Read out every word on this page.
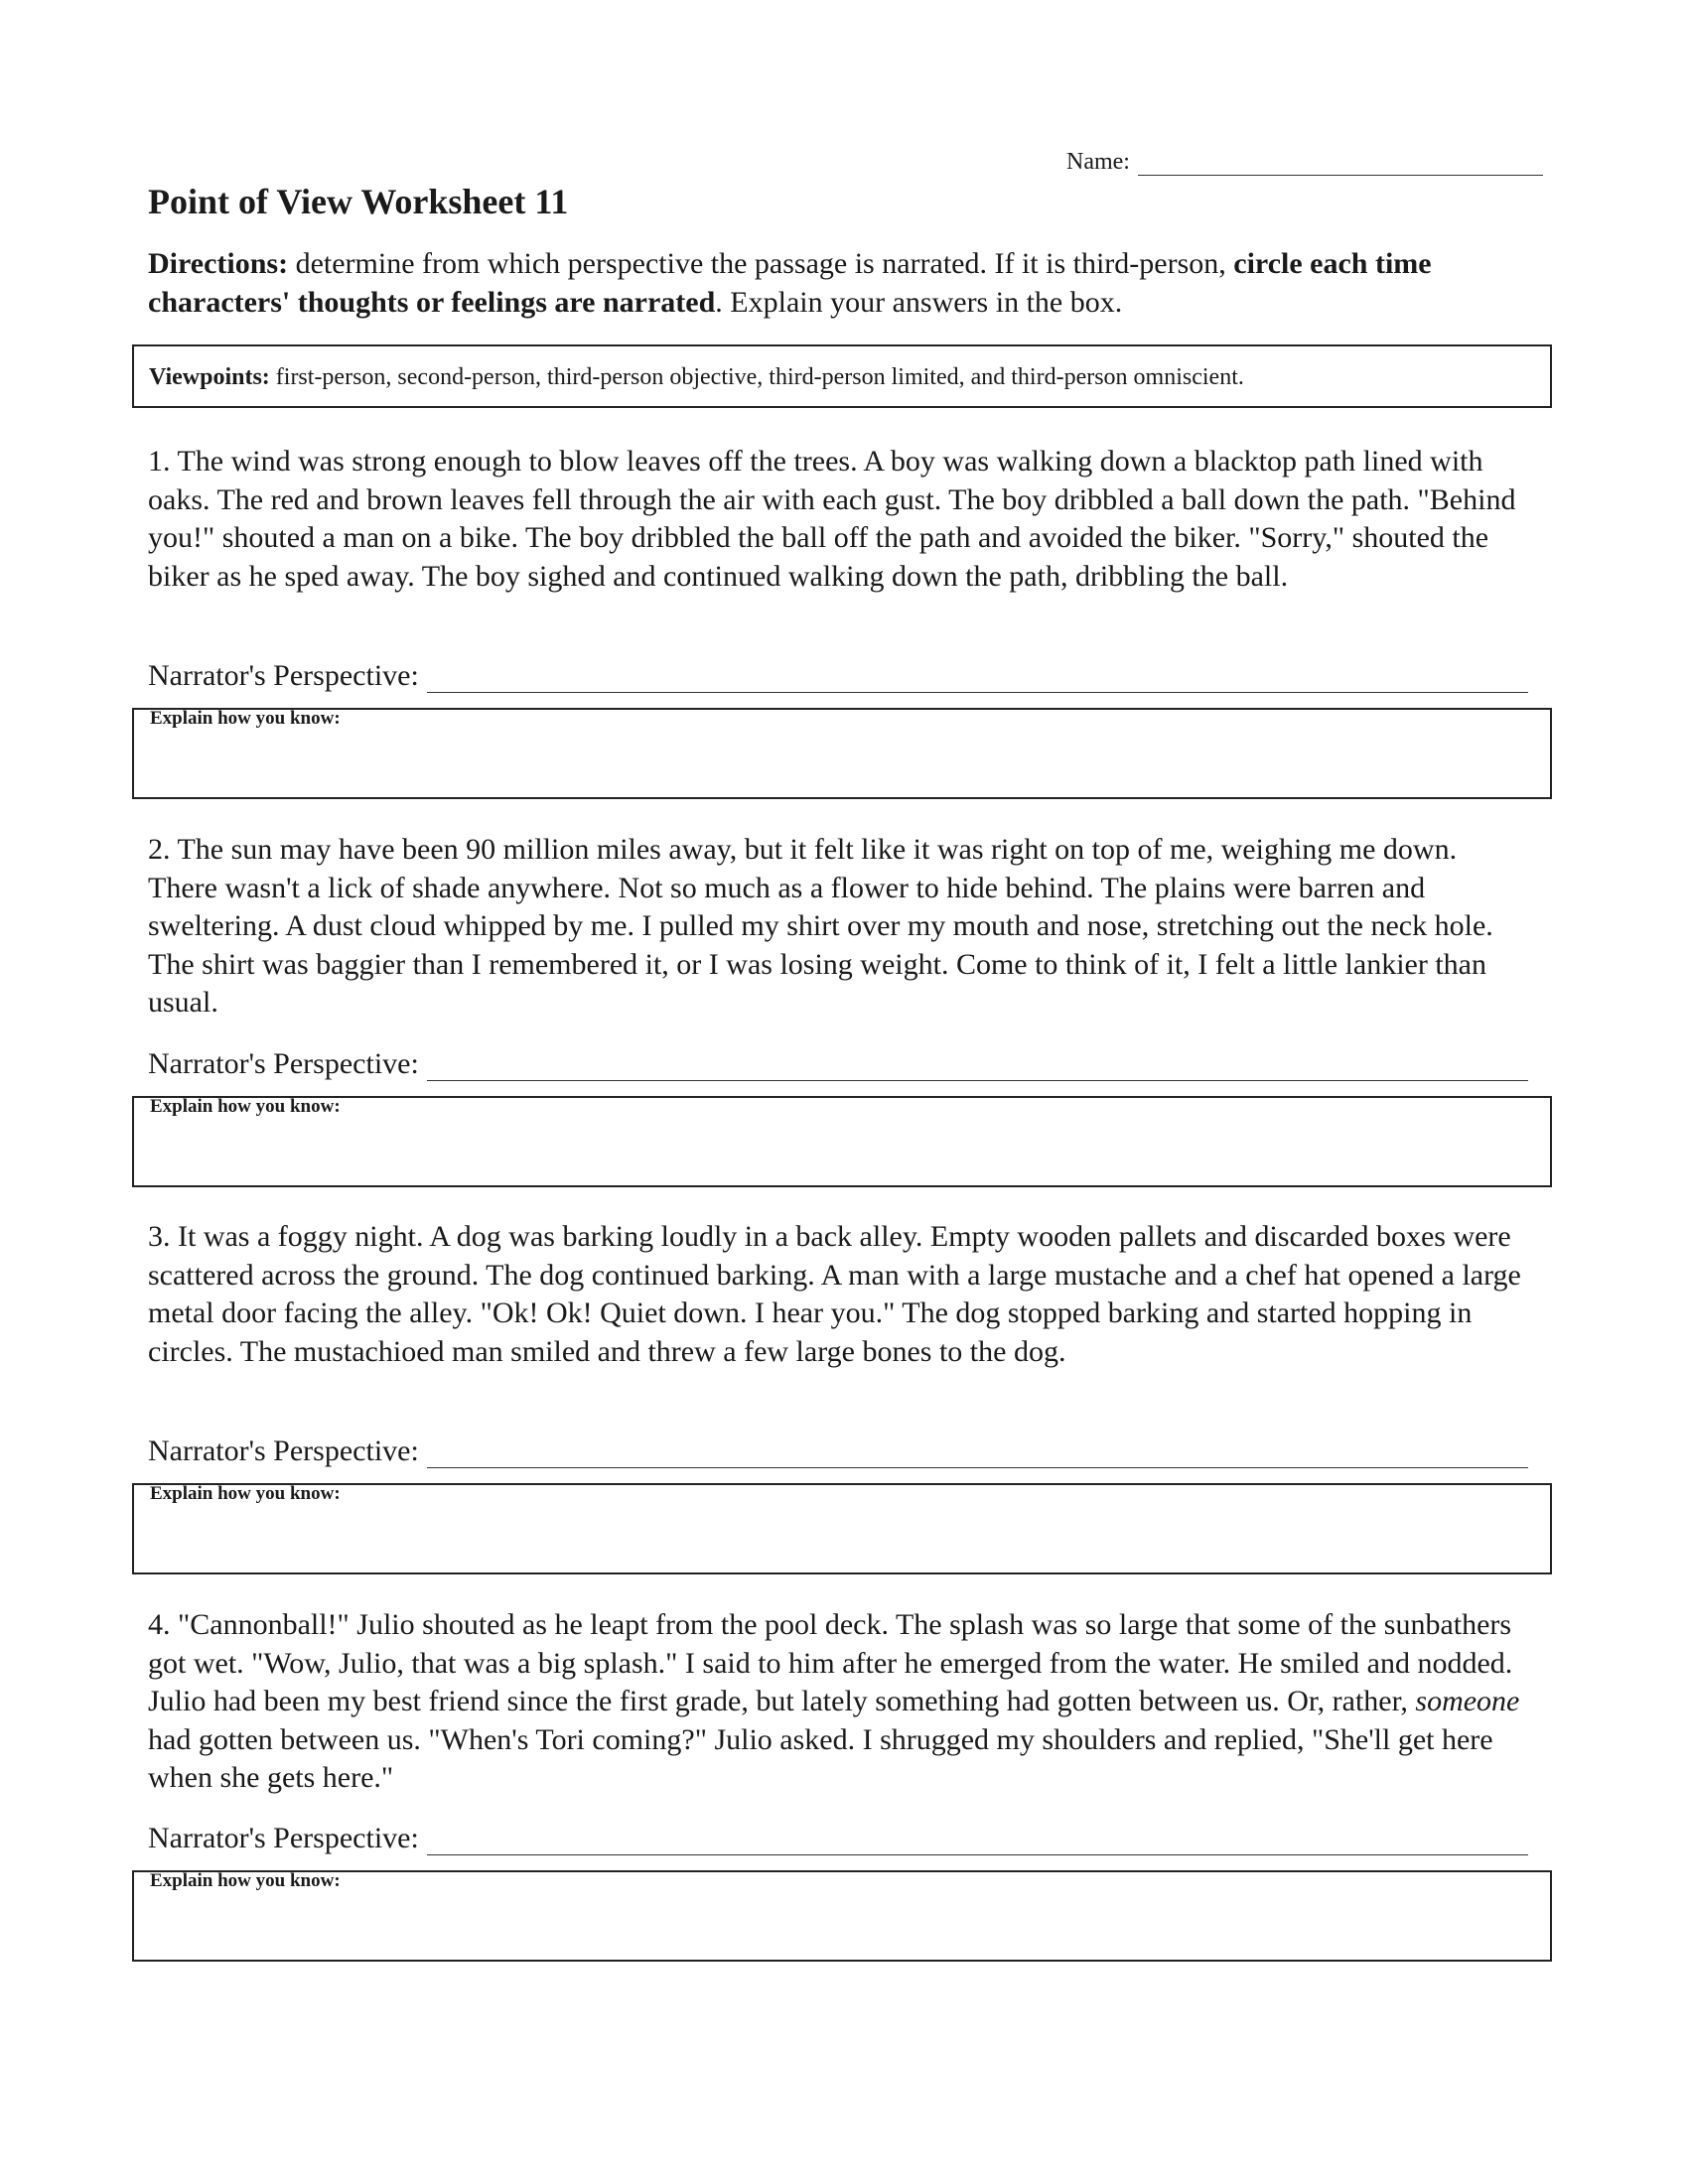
Name:
Point of View Worksheet 11

Directions: determine from which perspective the passage is narrated. If it is third-person, circle each time characters' thoughts or feelings are narrated. Explain your answers in the box.

Viewpoints: first-person, second-person, third-person objective, third-person limited, and third-person omniscient.

1. The wind was strong enough to blow leaves off the trees. A boy was walking down a blacktop path lined with oaks. The red and brown leaves fell through the air with each gust. The boy dribbled a ball down the path. "Behind you!" shouted a man on a bike. The boy dribbled the ball off the path and avoided the biker. "Sorry," shouted the biker as he sped away. The boy sighed and continued walking down the path, dribbling the ball.

Narrator's Perspective:
Explain how you know:

2. The sun may have been 90 million miles away, but it felt like it was right on top of me, weighing me down. There wasn't a lick of shade anywhere. Not so much as a flower to hide behind. The plains were barren and sweltering. A dust cloud whipped by me. I pulled my shirt over my mouth and nose, stretching out the neck hole. The shirt was baggier than I remembered it, or I was losing weight. Come to think of it, I felt a little lankier than usual.

Narrator's Perspective:
Explain how you know:

3. It was a foggy night. A dog was barking loudly in a back alley. Empty wooden pallets and discarded boxes were scattered across the ground. The dog continued barking. A man with a large mustache and a chef hat opened a large metal door facing the alley. "Ok! Ok! Quiet down. I hear you." The dog stopped barking and started hopping in circles. The mustachioed man smiled and threw a few large bones to the dog.

Narrator's Perspective:
Explain how you know:

4. "Cannonball!" Julio shouted as he leapt from the pool deck. The splash was so large that some of the sunbathers got wet. "Wow, Julio, that was a big splash." I said to him after he emerged from the water. He smiled and nodded. Julio had been my best friend since the first grade, but lately something had gotten between us. Or, rather, someone had gotten between us. "When's Tori coming?" Julio asked. I shrugged my shoulders and replied, "She'll get here when she gets here."

Narrator's Perspective:
Explain how you know:
